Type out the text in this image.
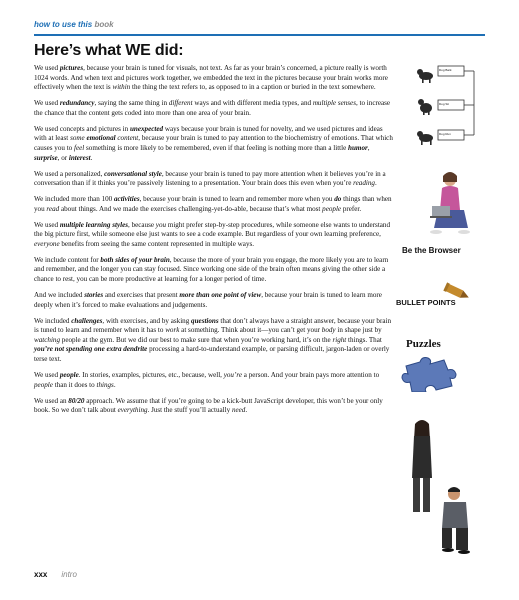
how to use this
book
Here’s what WE did:

We used pictures, because your brain is tuned for visuals, not text. As far as your brain’s concerned, a picture really is worth 1024 words. And when text and pictures work together, we embedded the text in the pictures because your brain works more effectively when the text is within the thing the text refers to, as opposed to in a caption or buried in the text somewhere.

We used redundancy, saying the same thing in different ways and with different media types, and multiple senses, to increase the chance that the content gets coded into more than one area of your brain.

We used concepts and pictures in unexpected ways because your brain is tuned for novelty, and we used pictures and ideas with at least some emotional content, because your brain is tuned to pay attention to the biochemistry of emotions. That which causes you to feel something is more likely to be remembered, even if that feeling is nothing more than a little humor, surprise, or interest.

We used a personalized, conversational style, because your brain is tuned to pay more attention when it believes you’re in a conversation than if it thinks you’re passively listening to a presentation. Your brain does this even when you’re reading.

We included more than 100 activities, because your brain is tuned to learn and remember more when you do things than when you read about things. And we made the exercises challenging-yet-do-able, because that’s what most people prefer.

We used multiple learning styles, because you might prefer step-by-step procedures, while someone else wants to understand the big picture first, while someone else just wants to see a code example. But regardless of your own learning preference, everyone benefits from seeing the same content represented in multiple ways.

We include content for both sides of your brain, because the more of your brain you engage, the more likely you are to learn and remember, and the longer you can stay focused. Since working one side of the brain often means giving the other side a chance to rest, you can be more productive at learning for a longer period of time.

And we included stories and exercises that present more than one point of view, because your brain is tuned to learn more deeply when it’s forced to make evaluations and judgements.

We included challenges, with exercises, and by asking questions that don’t always have a straight answer, because your brain is tuned to learn and remember when it has to work at something. Think about it—you can’t get your body in shape just by watching people at the gym. But we did our best to make sure that when you’re working hard, it’s on the right things. That you’re not spending one extra dendrite processing a hard-to-understand example, or parsing difficult, jargon-laden or overly terse text.

We used people. In stories, examples, pictures, etc., because, well, you’re a person. And your brain pays more attention to people than it does to things.

We used an 80/20 approach. We assume that if you’re going to be a kick-butt JavaScript developer, this won’t be your only book. So we don’t talk about everything. Just the stuff you’ll actually need.

Dog Bark
Dog Sit
Dog Run
Be the Browser
BULLET POINTS
Puzzles
xxx intro
